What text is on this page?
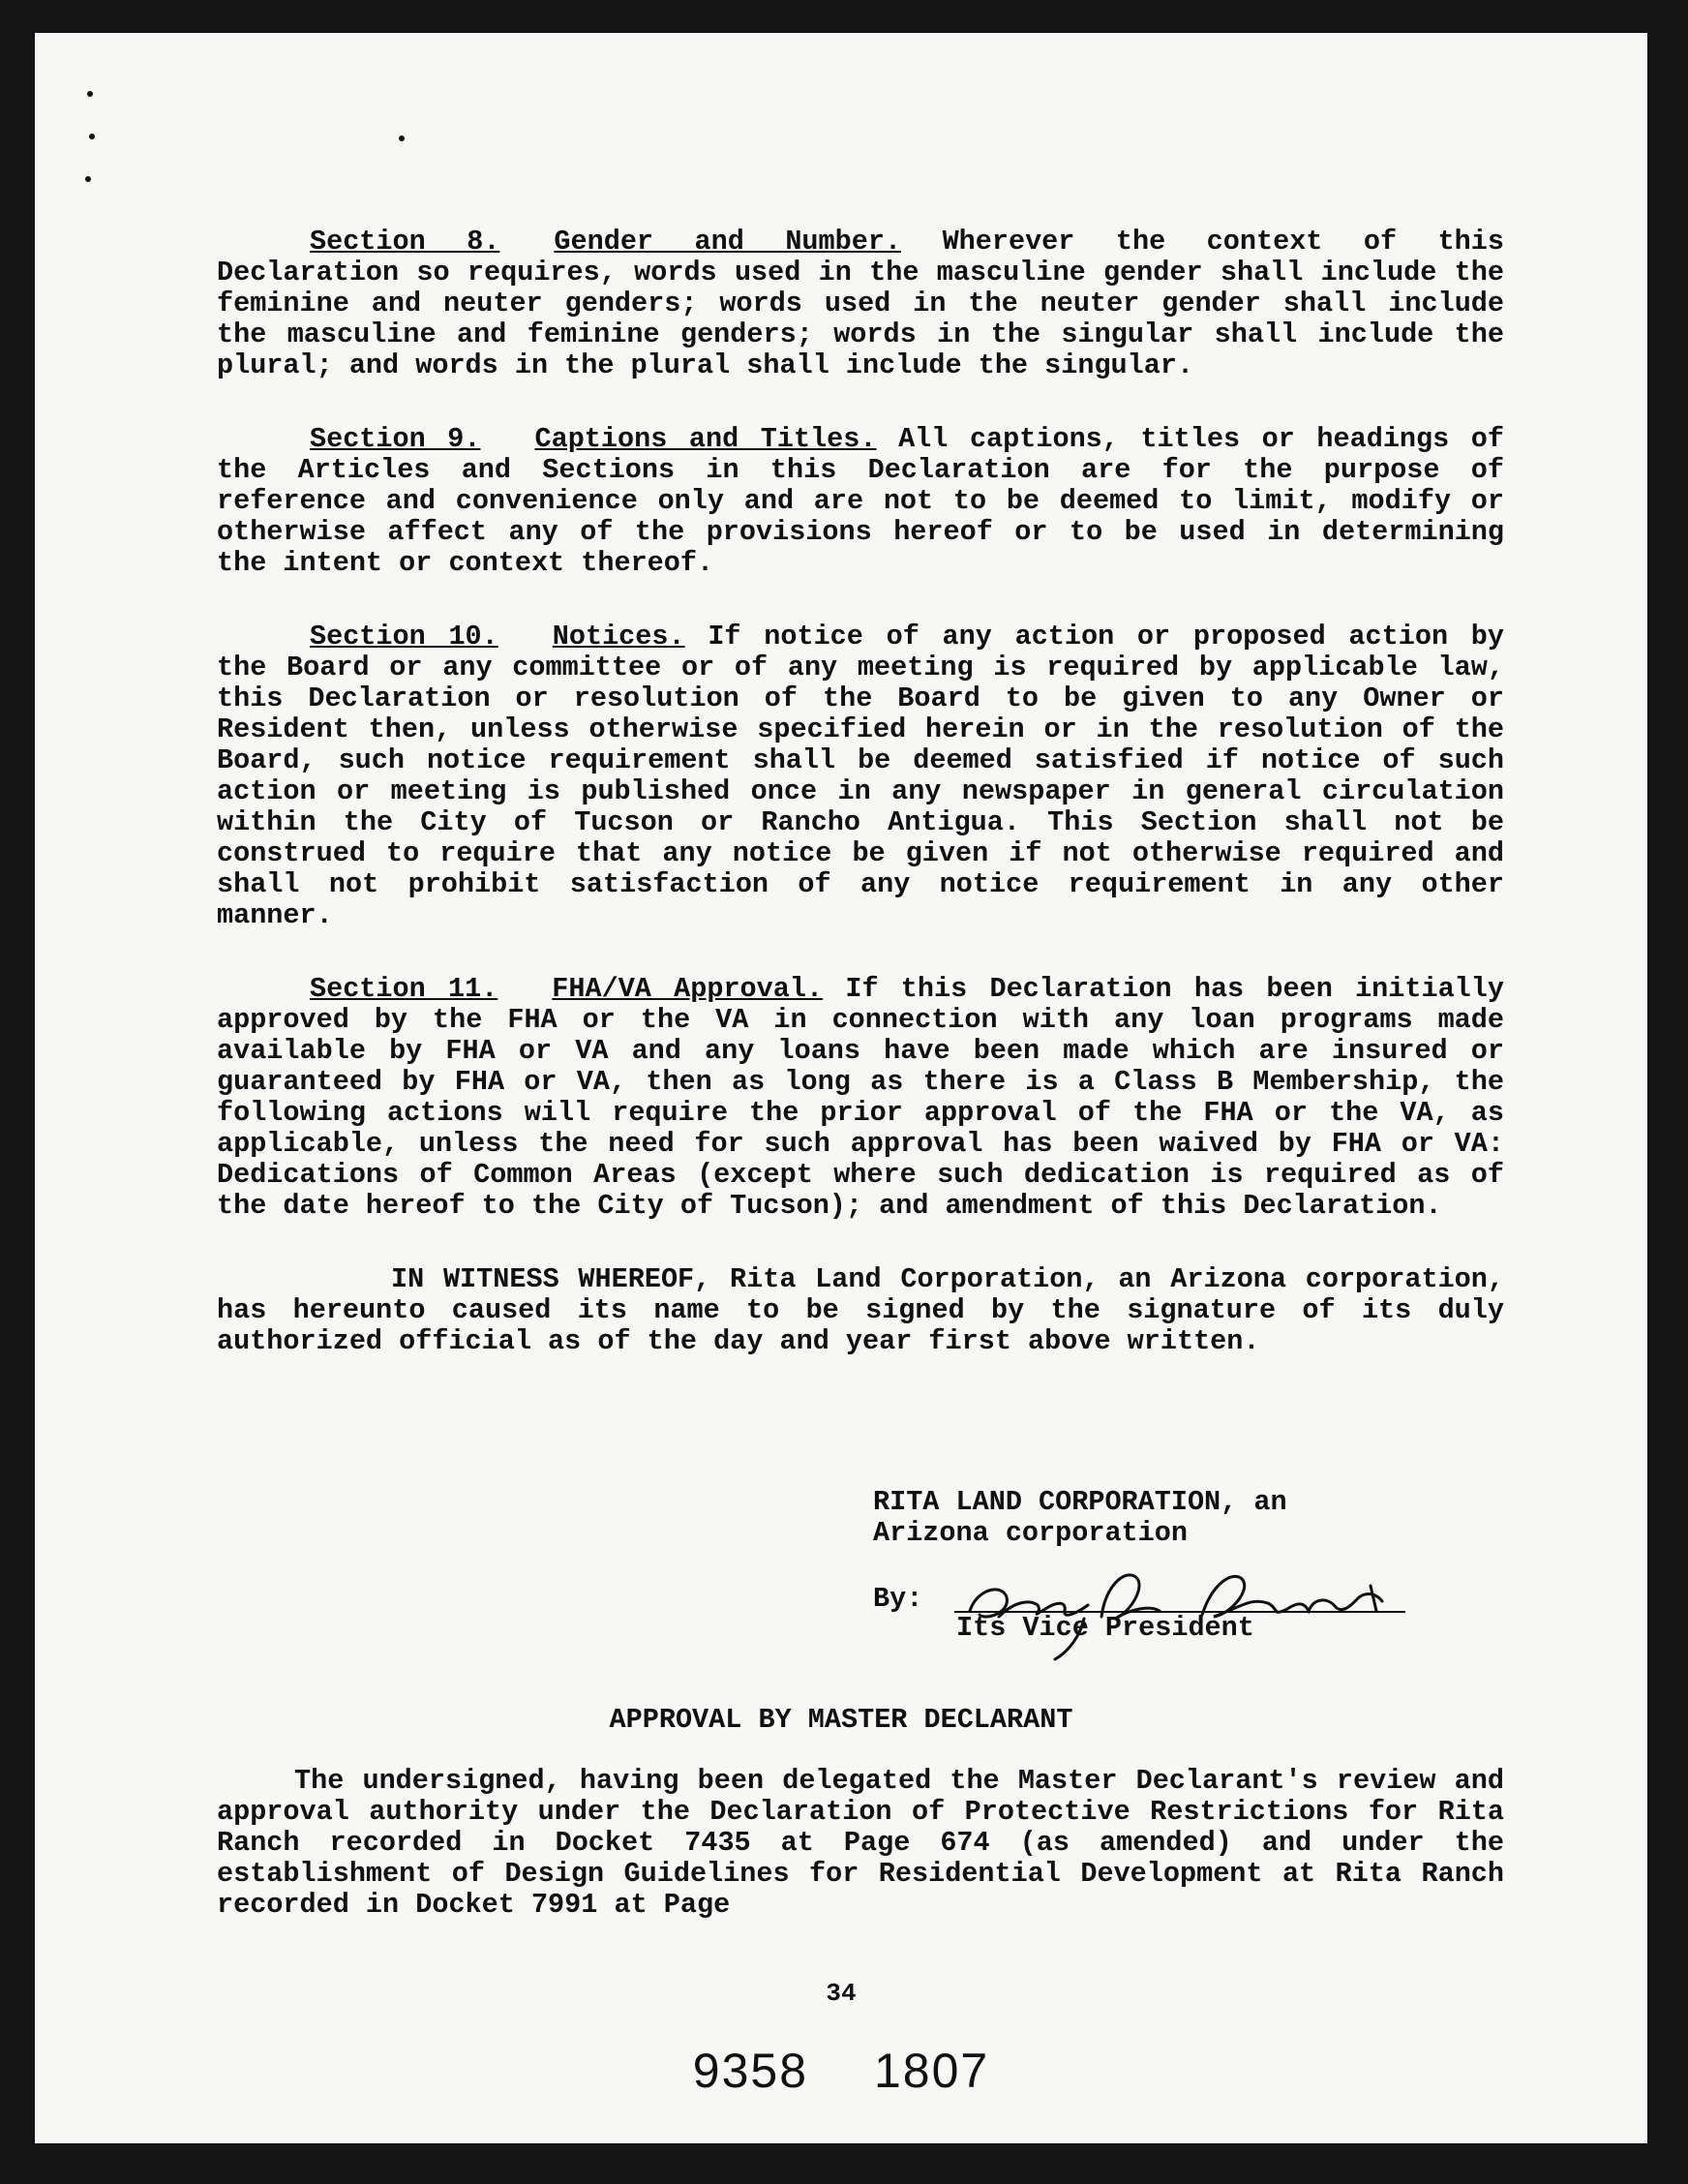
Section 8. Gender and Number. Wherever the context of this Declaration so requires, words used in the masculine gender shall include the feminine and neuter genders; words used in the neuter gender shall include the masculine and feminine genders; words in the singular shall include the plural; and words in the plural shall include the singular.
Section 9. Captions and Titles. All captions, titles or headings of the Articles and Sections in this Declaration are for the purpose of reference and convenience only and are not to be deemed to limit, modify or otherwise affect any of the provisions hereof or to be used in determining the intent or context thereof.
Section 10. Notices. If notice of any action or proposed action by the Board or any committee or of any meeting is required by applicable law, this Declaration or resolution of the Board to be given to any Owner or Resident then, unless otherwise specified herein or in the resolution of the Board, such notice requirement shall be deemed satisfied if notice of such action or meeting is published once in any newspaper in general circulation within the City of Tucson or Rancho Antigua. This Section shall not be construed to require that any notice be given if not otherwise required and shall not prohibit satisfaction of any notice requirement in any other manner.
Section 11. FHA/VA Approval. If this Declaration has been initially approved by the FHA or the VA in connection with any loan programs made available by FHA or VA and any loans have been made which are insured or guaranteed by FHA or VA, then as long as there is a Class B Membership, the following actions will require the prior approval of the FHA or the VA, as applicable, unless the need for such approval has been waived by FHA or VA: Dedications of Common Areas (except where such dedication is required as of the date hereof to the City of Tucson); and amendment of this Declaration.
IN WITNESS WHEREOF, Rita Land Corporation, an Arizona corporation, has hereunto caused its name to be signed by the signature of its duly authorized official as of the day and year first above written.
RITA LAND CORPORATION, an
Arizona corporation
By:
Its Vice President
APPROVAL BY MASTER DECLARANT
The undersigned, having been delegated the Master Declarant's review and approval authority under the Declaration of Protective Restrictions for Rita Ranch recorded in Docket 7435 at Page 674 (as amended) and under the establishment of Design Guidelines for Residential Development at Rita Ranch recorded in Docket 7991 at Page
34
9358 1807
